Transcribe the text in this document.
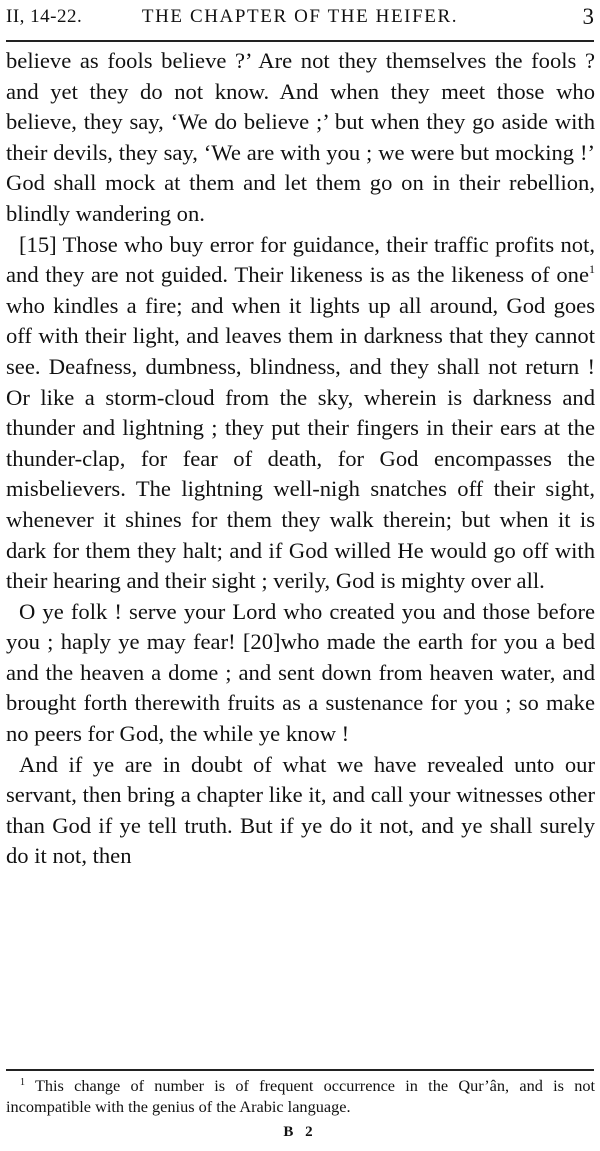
II, 14-22.	THE CHAPTER OF THE HEIFER.	3

believe as fools believe ?’ Are not they themselves the fools ? and yet they do not know. And when they meet those who believe, they say, ‘We do believe ;’ but when they go aside with their devils, they say, ‘We are with you ; we were but mocking !’ God shall mock at them and let them go on in their rebellion, blindly wandering on.

[15] Those who buy error for guidance, their traffic profits not, and they are not guided. Their likeness is as the likeness of one$^1$ who kindles a fire; and when it lights up all around, God goes off with their light, and leaves them in darkness that they cannot see. Deafness, dumbness, blindness, and they shall not return ! Or like a storm-cloud from the sky, wherein is darkness and thunder and lightning ; they put their fingers in their ears at the thunder-clap, for fear of death, for God encompasses the misbelievers. The lightning well-nigh snatches off their sight, whenever it shines for them they walk therein; but when it is dark for them they halt; and if God willed He would go off with their hearing and their sight ; verily, God is mighty over all.

O ye folk ! serve your Lord who created you and those before you ; haply ye may fear! [20]who made the earth for you a bed and the heaven a dome ; and sent down from heaven water, and brought forth therewith fruits as a sustenance for you ; so make no peers for God, the while ye know !

And if ye are in doubt of what we have revealed unto our servant, then bring a chapter like it, and call your witnesses other than God if ye tell truth. But if ye do it not, and ye shall surely do it not, then

$^1$ This change of number is of frequent occurrence in the Qur’ân, and is not incompatible with the genius of the Arabic language.

B 2
